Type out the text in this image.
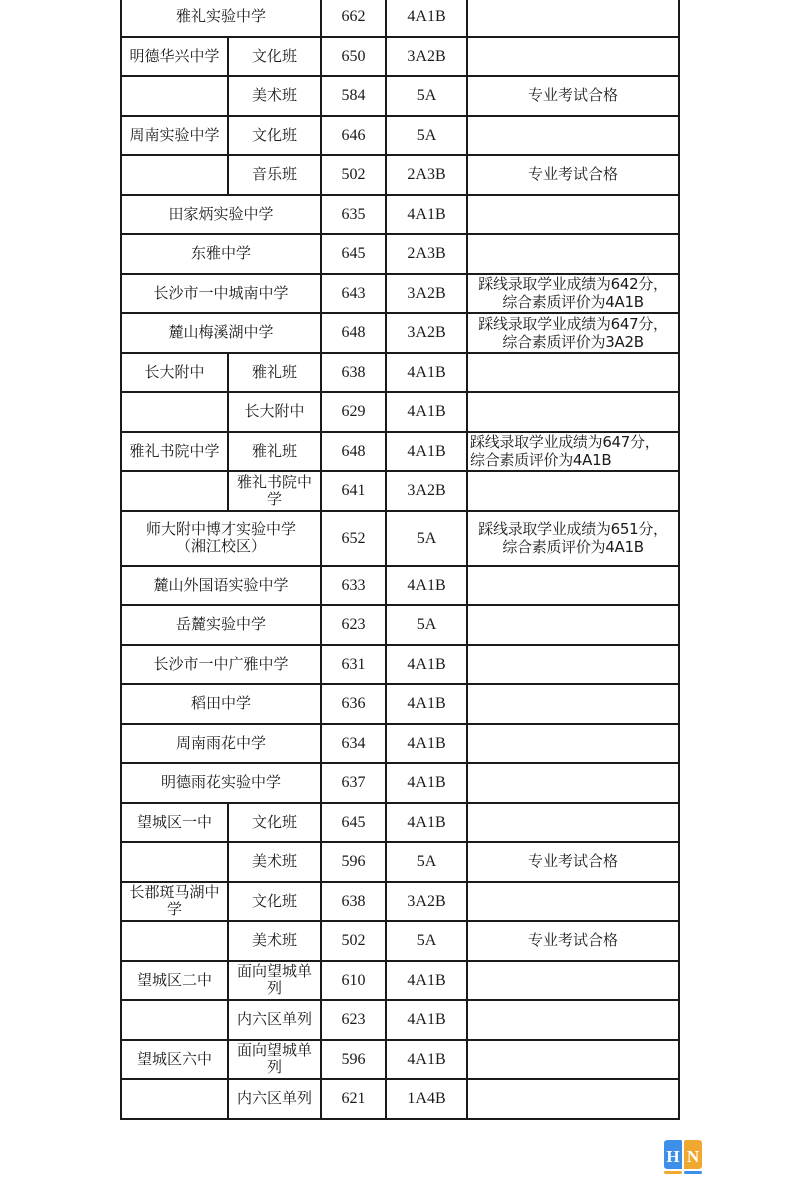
雅礼实验中学		662	4A1B	
明德华兴中学	文化班	650	3A2B	
	美术班	584	5A	专业考试合格
周南实验中学	文化班	646	5A	
	音乐班	502	2A3B	专业考试合格
田家炳实验中学		635	4A1B	
东雅中学		645	2A3B	
长沙市一中城南中学		643	3A2B	踩线录取学业成绩为642分，
综合素质评价为4A1B

麓山梅溪湖中学		648	3A2B	踩线录取学业成绩为647分，
综合素质评价为3A2B

长大附中	雅礼班	638	4A1B	
	长大附中	629	4A1B	
雅礼书院中学	雅礼班	648	4A1B	踩线录取学业成绩为647分，
综合素质评价为4A1B

	雅礼书院中学	641	3A2B	

师大附中博才实验中学
（湘江校区）	652	5A	踩线录取学业成绩为651分，
综合素质评价为4A1B

麓山外国语实验中学		633	4A1B	
岳麓实验中学		623	5A	
长沙市一中广雅中学		631	4A1B	
稻田中学		636	4A1B	
周南雨花中学		634	4A1B	
明德雨花实验中学		637	4A1B	
望城区一中	文化班	645	4A1B	
	美术班	596	5A	专业考试合格
长郡斑马湖中学	文化班	638	3A2B	
	美术班	502	5A	专业考试合格
望城区二中	面向望城单列	610	4A1B	
	内六区单列	623	4A1B	
望城区六中	面向望城单列	596	4A1B	
	内六区单列	621	1A4B	
H N
